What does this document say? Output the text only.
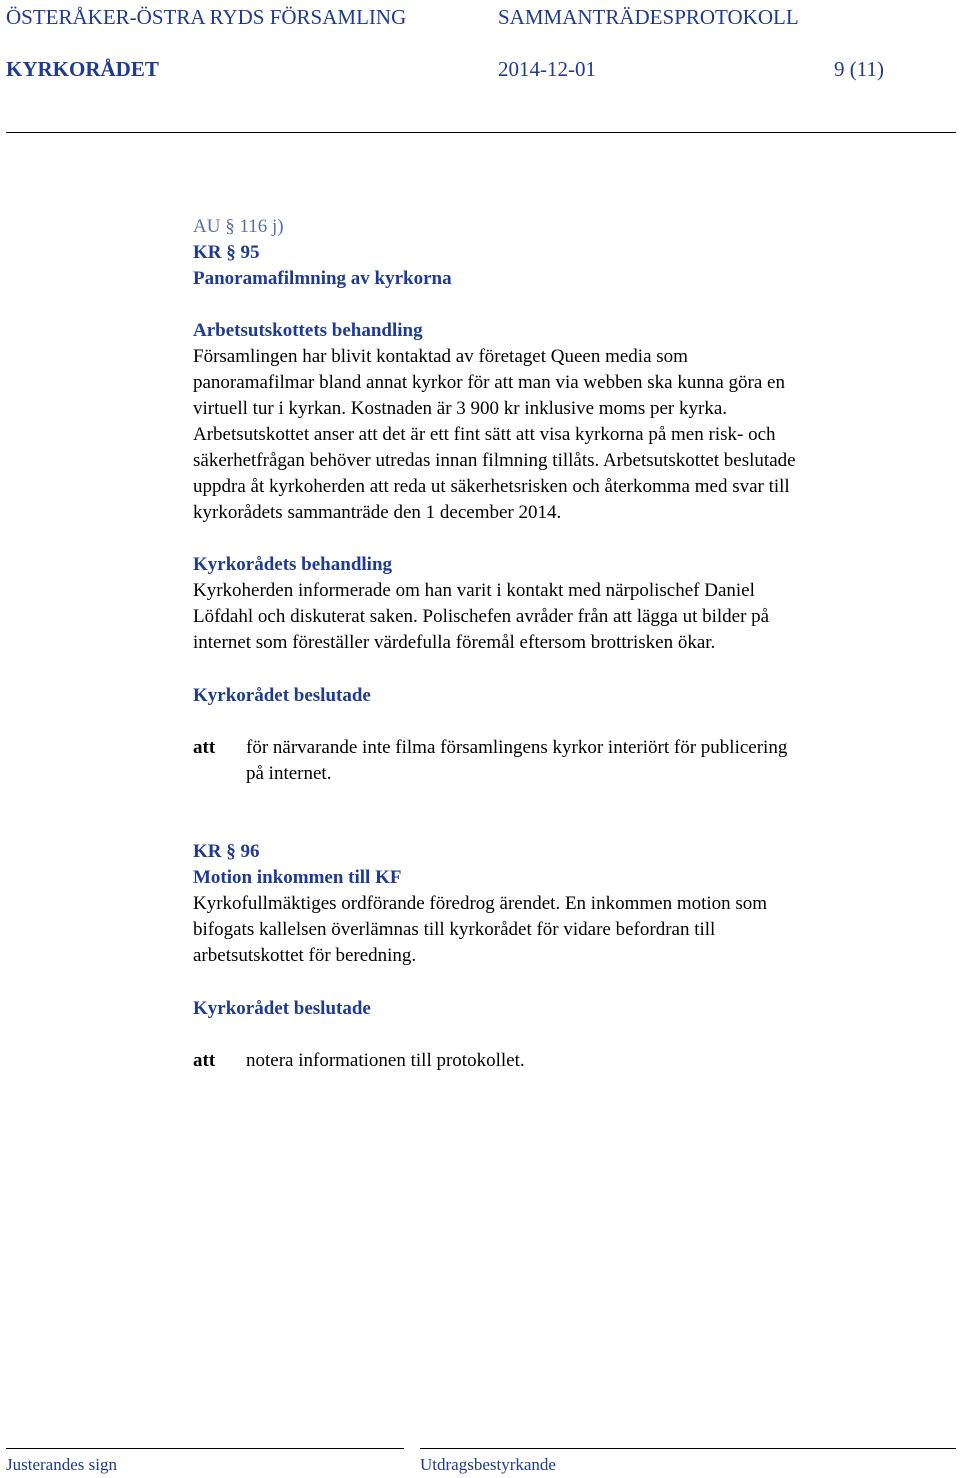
ÖSTERÅKER-ÖSTRA RYDS FÖRSAMLING	SAMMANTRÄDESPROTOKOLL
KYRKORÅDET	2014-12-01	9 (11)
AU § 116 j)
KR § 95
Panoramafilmning av kyrkorna
Arbetsutskottets behandling
Församlingen har blivit kontaktad av företaget Queen media som
panoramafilmar bland annat kyrkor för att man via webben ska kunna göra en
virtuell tur i kyrkan. Kostnaden är 3 900 kr inklusive moms per kyrka.
Arbetsutskottet anser att det är ett fint sätt att visa kyrkorna på men risk- och
säkerhetfrågan behöver utredas innan filmning tillåts. Arbetsutskottet beslutade
uppdra åt kyrkoherden att reda ut säkerhetsrisken och återkomma med svar till
kyrkorådets sammanträde den 1 december 2014.
Kyrkorådets behandling
Kyrkoherden informerade om han varit i kontakt med närpolischef Daniel
Löfdahl och diskuterat saken. Polischefen avråder från att lägga ut bilder på
internet som föreställer värdefulla föremål eftersom brottrisken ökar.
Kyrkorådet beslutade
att för närvarande inte filma församlingens kyrkor interiört för publicering
på internet.
KR § 96
Motion inkommen till KF
Kyrkofullmäktiges ordförande föredrog ärendet. En inkommen motion som
bifogats kallelsen överlämnas till kyrkorådet för vidare befordran till
arbetsutskottet för beredning.
Kyrkorådet beslutade
att notera informationen till protokollet.
Justerandes sign	Utdragsbestyrkande
